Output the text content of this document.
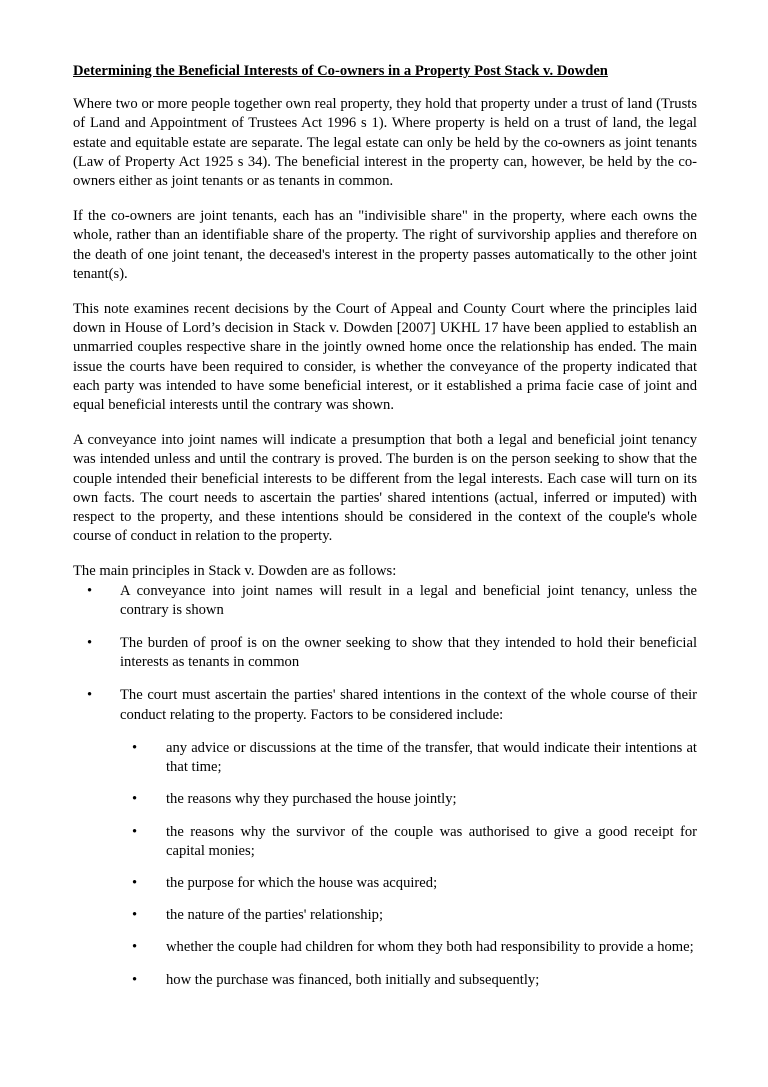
Determining the Beneficial Interests of Co-owners in a Property Post Stack v. Dowden

Where two or more people together own real property, they hold that property under a trust of land (Trusts of Land and Appointment of Trustees Act 1996 s 1). Where property is held on a trust of land, the legal estate and equitable estate are separate. The legal estate can only be held by the co-owners as joint tenants (Law of Property Act 1925 s 34). The beneficial interest in the property can, however, be held by the co-owners either as joint tenants or as tenants in common.

If the co-owners are joint tenants, each has an "indivisible share" in the property, where each owns the whole, rather than an identifiable share of the property. The right of survivorship applies and therefore on the death of one joint tenant, the deceased's interest in the property passes automatically to the other joint tenant(s).

This note examines recent decisions by the Court of Appeal and County Court where the principles laid down in House of Lord’s decision in Stack v. Dowden [2007] UKHL 17 have been applied to establish an unmarried couples respective share in the jointly owned home once the relationship has ended. The main issue the courts have been required to consider, is whether the conveyance of the property indicated that each party was intended to have some beneficial interest, or it established a prima facie case of joint and equal beneficial interests until the contrary was shown.

A conveyance into joint names will indicate a presumption that both a legal and beneficial joint tenancy was intended unless and until the contrary is proved. The burden is on the person seeking to show that the couple intended their beneficial interests to be different from the legal interests. Each case will turn on its own facts. The court needs to ascertain the parties' shared intentions (actual, inferred or imputed) with respect to the property, and these intentions should be considered in the context of the couple's whole course of conduct in relation to the property.

The main principles in Stack v. Dowden are as follows:

• A conveyance into joint names will result in a legal and beneficial joint tenancy, unless the contrary is shown
• The burden of proof is on the owner seeking to show that they intended to hold their beneficial interests as tenants in common
• The court must ascertain the parties' shared intentions in the context of the whole course of their conduct relating to the property. Factors to be considered include:
• any advice or discussions at the time of the transfer, that would indicate their intentions at that time;
• the reasons why they purchased the house jointly;
• the reasons why the survivor of the couple was authorised to give a good receipt for capital monies;
• the purpose for which the house was acquired;
• the nature of the parties' relationship;
• whether the couple had children for whom they both had responsibility to provide a home;
• how the purchase was financed, both initially and subsequently;
